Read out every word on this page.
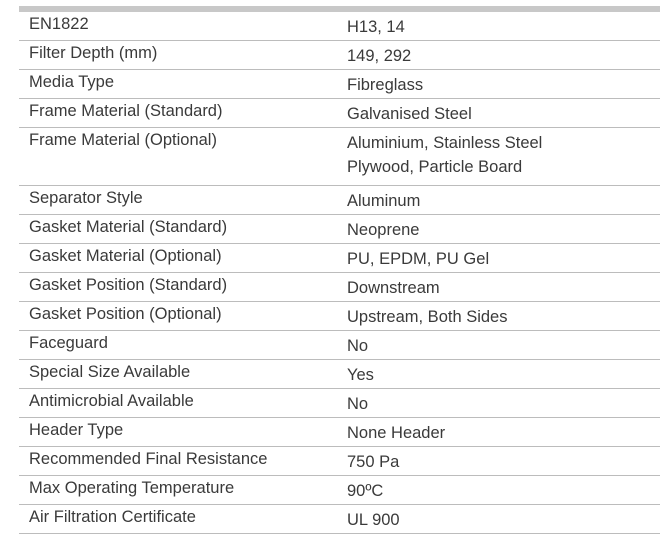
EN1822	H13, 14
Filter Depth (mm)	149, 292
Media Type	Fibreglass
Frame Material (Standard)	Galvanised Steel
Frame Material (Optional)	Aluminium, Stainless Steel
Plywood, Particle Board
Separator Style	Aluminum
Gasket Material (Standard)	Neoprene
Gasket Material (Optional)	PU, EPDM, PU Gel
Gasket Position (Standard)	Downstream
Gasket Position (Optional)	Upstream, Both Sides
Faceguard	No
Special Size Available	Yes
Antimicrobial Available	No
Header Type	None Header
Recommended Final Resistance	750 Pa
Max Operating Temperature	90ºC
Air Filtration Certificate	UL 900
